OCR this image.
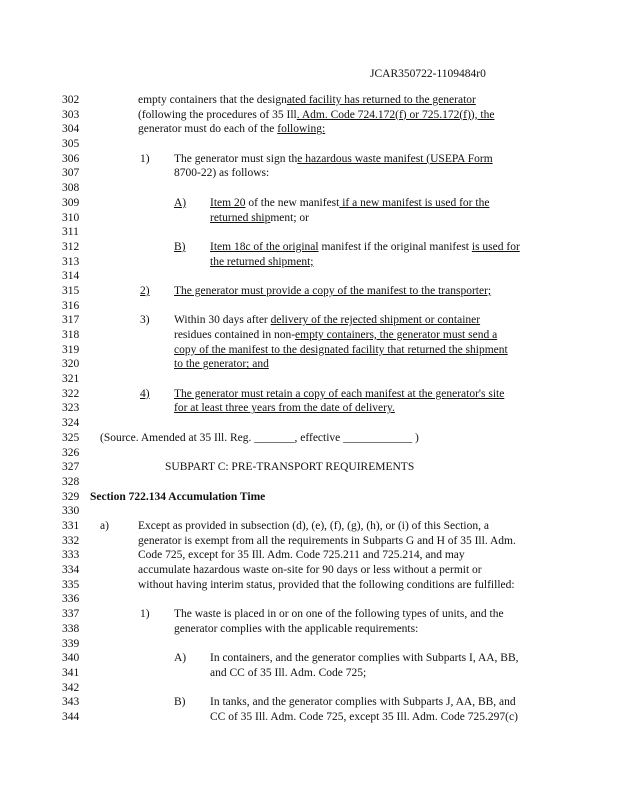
JCAR350722-1109484r0
302	empty containers that the designated facility has returned to the generator
303	(following the procedures of 35 Ill. Adm. Code 724.172(f) or 725.172(f)), the
304	generator must do each of the following:
305
306	1) The generator must sign the hazardous waste manifest (USEPA Form
307	8700-22) as follows:
308
309	A) Item 20 of the new manifest if a new manifest is used for the
310	returned shipment; or
311
312	B) Item 18c of the original manifest if the original manifest is used for
313	the returned shipment;
314
315	2) The generator must provide a copy of the manifest to the transporter;
316
317	3) Within 30 days after delivery of the rejected shipment or container
318	residues contained in non-empty containers, the generator must send a
319	copy of the manifest to the designated facility that returned the shipment
320	to the generator; and
321
322	4) The generator must retain a copy of each manifest at the generator's site
323	for at least three years from the date of delivery.
324
325 (Source. Amended at 35 Ill. Reg. _______, effective ____________ )
326
327	SUBPART C: PRE-TRANSPORT REQUIREMENTS
328
329 Section 722.134 Accumulation Time
330
331 a)	Except as provided in subsection (d), (e), (f), (g), (h), or (i) of this Section, a
332	generator is exempt from all the requirements in Subparts G and H of 35 Ill. Adm.
333	Code 725, except for 35 Ill. Adm. Code 725.211 and 725.214, and may
334	accumulate hazardous waste on-site for 90 days or less without a permit or
335	without having interim status, provided that the following conditions are fulfilled:
336
337	1) The waste is placed in or on one of the following types of units, and the
338	generator complies with the applicable requirements:
339
340	A) In containers, and the generator complies with Subparts I, AA, BB,
341	and CC of 35 Ill. Adm. Code 725;
342
343	B) In tanks, and the generator complies with Subparts J, AA, BB, and
344	CC of 35 Ill. Adm. Code 725, except 35 Ill. Adm. Code 725.297(c)
